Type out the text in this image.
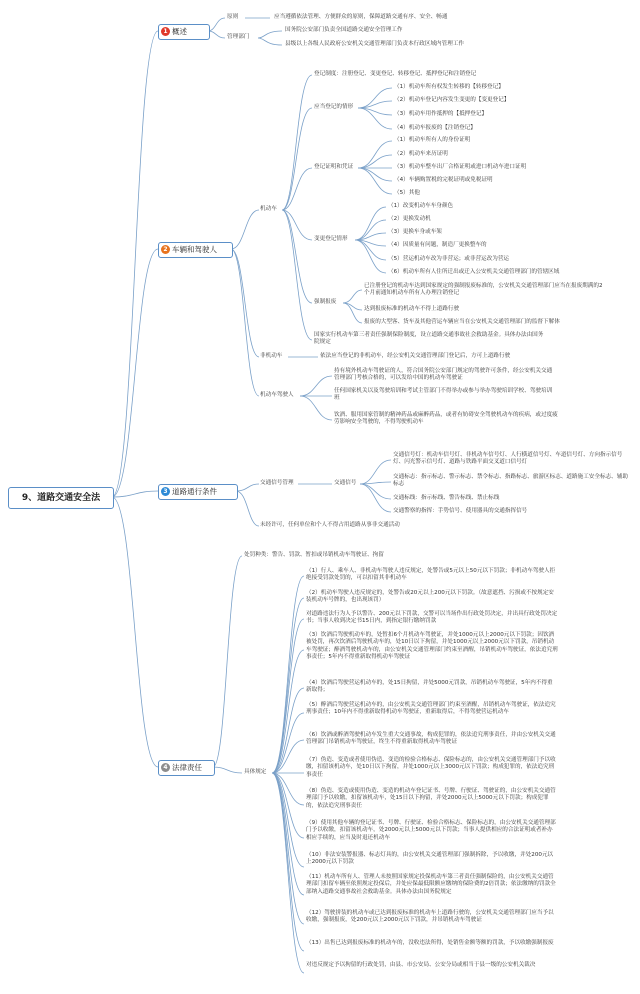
9、道路交通安全法
1 概述
原则	应当遵循依法管理、方便群众的原则，保障道路交通有序、安全、畅通
管理部门
国务院公安部门负责全国道路交通安全管理工作
县级以上各级人民政府公安机关交通管理部门负责本行政区域内管理工作
2 车辆和驾驶人
机动车
登记制度：注册登记、变更登记、转移登记、抵押登记和注销登记
应当登记的情形
（1）机动车所有权发生转移的【转移登记】
（2）机动车登记内容发生变更的【变更登记】
（3）机动车用作抵押的【抵押登记】
（4）机动车报废的【注销登记】
登记证明和凭证
（1）机动车所有人的身份证明
（2）机动车来历证明
（3）机动车整车出厂合格证明或进口机动车进口证明
（4）车辆购置税的完税证明或免税证明
（5）其他
变更登记情形
（1）改变机动车车身颜色
（2）更换发动机
（3）更换车身或车架
（4）因质量有问题，制造厂更换整车的
（5）营运机动车改为非营运；或非营运改为营运
（6）机动车所有人住所迁出或迁入公安机关交通管理部门的管辖区域
强制报废
已注册登记的机动车达到国家规定的强制报废标准的，公安机关交通管理部门应当在报废期满的2个月前通知机动车所有人办理注销登记
达到报废标准的机动车不得上道路行驶
报废的大型客、货车及其他营运车辆应当在公安机关交通管理部门的监督下解体
国家实行机动车第三者责任强制保险制度，设立道路交通事故社会救助基金。具体办法由国务院规定
非机动车	依法应当登记的非机动车，经公安机关交通管理部门登记后，方可上道路行驶
机动车驾驶人
持有境外机动车驾驶证的人，符合国务院公安部门规定的驾驶许可条件，经公安机关交通管理部门考核合格的，可以发给中国的机动车驾驶证
任何国家机关以及驾驶培训和考试主管部门不得举办或参与举办驾驶培训学校、驾驶培训班
饮酒、服用国家管制的精神药品或麻醉药品，或者有妨碍安全驾驶机动车的疾病，或过度疲劳影响安全驾驶的，不得驾驶机动车
3 道路通行条件
交通信号管理	交通信号
交通信号灯：机动车信号灯、非机动车信号灯、人行横道信号灯、车道信号灯、方向指示信号灯、闪光警示信号灯、道路与铁路平面交叉道口信号灯
交通标志：指示标志、警示标志、禁令标志、指路标志、旅游区标志、道路施工安全标志、辅助标志
交通标线：指示标线、警告标线、禁止标线
交通警察的指挥：手势信号、使用器具的交通指挥信号
未经许可，任何单位和个人不得占用道路从事非交通活动
4 法律责任
处罚种类：警告、罚款、暂扣或吊销机动车驾驶证、拘留
具体规定
（1）行人、乘车人、非机动车驾驶人违反规定，处警告或5元以上50元以下罚款；非机动车驾驶人拒绝接受罚款处罚的，可以扣留其非机动车
（2）机动车驾驶人违反规定的，处警告或20元以上200元以下罚款。（故意遮挡、污损或不按规定安装机动车号牌的，也出现该罚）
对道路违法行为人予以警告、200元以下罚款，交警可以当场作出行政处罚决定，并出具行政处罚决定书；当事人收到决定书15日内，到指定银行缴纳罚款
（3）饮酒后驾驶机动车的，处暂扣6个月机动车驾驶证，并处1000元以上2000元以下罚款；因饮酒被处罚，再次饮酒后驾驶机动车的，处10日以下拘留，并处1000元以上2000元以下罚款，吊销机动车驾驶证；醉酒驾驶机动车的，由公安机关交通管理部门约束至酒醒，吊销机动车驾驶证，依法追究刑事责任；5年内不得重新取得机动车驾驶证
（4）饮酒后驾驶营运机动车的，处15日拘留，并处5000元罚款，吊销机动车驾驶证，5年内不得重新取得；
（5）醉酒后驾驶营运机动车的，由公安机关交通管理部门约束至酒醒，吊销机动车驾驶证，依法追究刑事责任；10年内不得重新取得机动车驾驶证，重新取得后，不得驾驶营运机动车
（6）饮酒或醉酒驾驶机动车发生重大交通事故，构成犯罪的，依法追究刑事责任，并由公安机关交通管理部门吊销机动车驾驶证，终生不得重新取得机动车驾驶证
（7）伪造、变造或者使用伪造、变造的检验合格标志、保险标志的，由公安机关交通管理部门予以收缴，扣留该机动车，处10日以下拘留，并处1000元以上3000元以下罚款；构成犯罪的，依法追究刑事责任
（8）伪造、变造或使用伪造、变造的机动车登记证书、号牌、行驶证、驾驶证的，由公安机关交通管理部门予以收缴，扣留该机动车，处15日以下拘留，并处2000元以上5000元以下罚款；构成犯罪的，依法追究刑事责任
（9）使用其他车辆的登记证书、号牌、行驶证、检验合格标志、保险标志的，由公安机关交通管理部门予以收缴，扣留该机动车，处2000元以上5000元以下罚款；当事人提供相应的合法证明或者补办相应手续的，应当及时退还机动车
（10）非法安装警报器、标志灯具的，由公安机关交通管理部门强制拆除，予以收缴，并处200元以上2000元以下罚款
（11）机动车所有人、管理人未按照国家规定投保机动车第三者责任强制保险的，由公安机关交通管理部门扣留车辆至依照规定投保后，并处应保最低限额应缴纳的保险费的2倍罚款；依法缴纳的罚款全部纳入道路交通事故社会救助基金。具体办法由国务院规定
（12）驾驶拼装的机动车或已达到报废标准的机动车上道路行驶的，公安机关交通管理部门应当予以收缴，强制报废，处200元以上2000元以下罚款，并吊销机动车驾驶证
（13）出售已达到报废标准的机动车的，没收违法所得，处销售金额等额的罚款，予以收缴强制报废
对违反规定予以拘留的行政处罚，由县、市公安局、公安分局或相当于县一级的公安机关裁决
